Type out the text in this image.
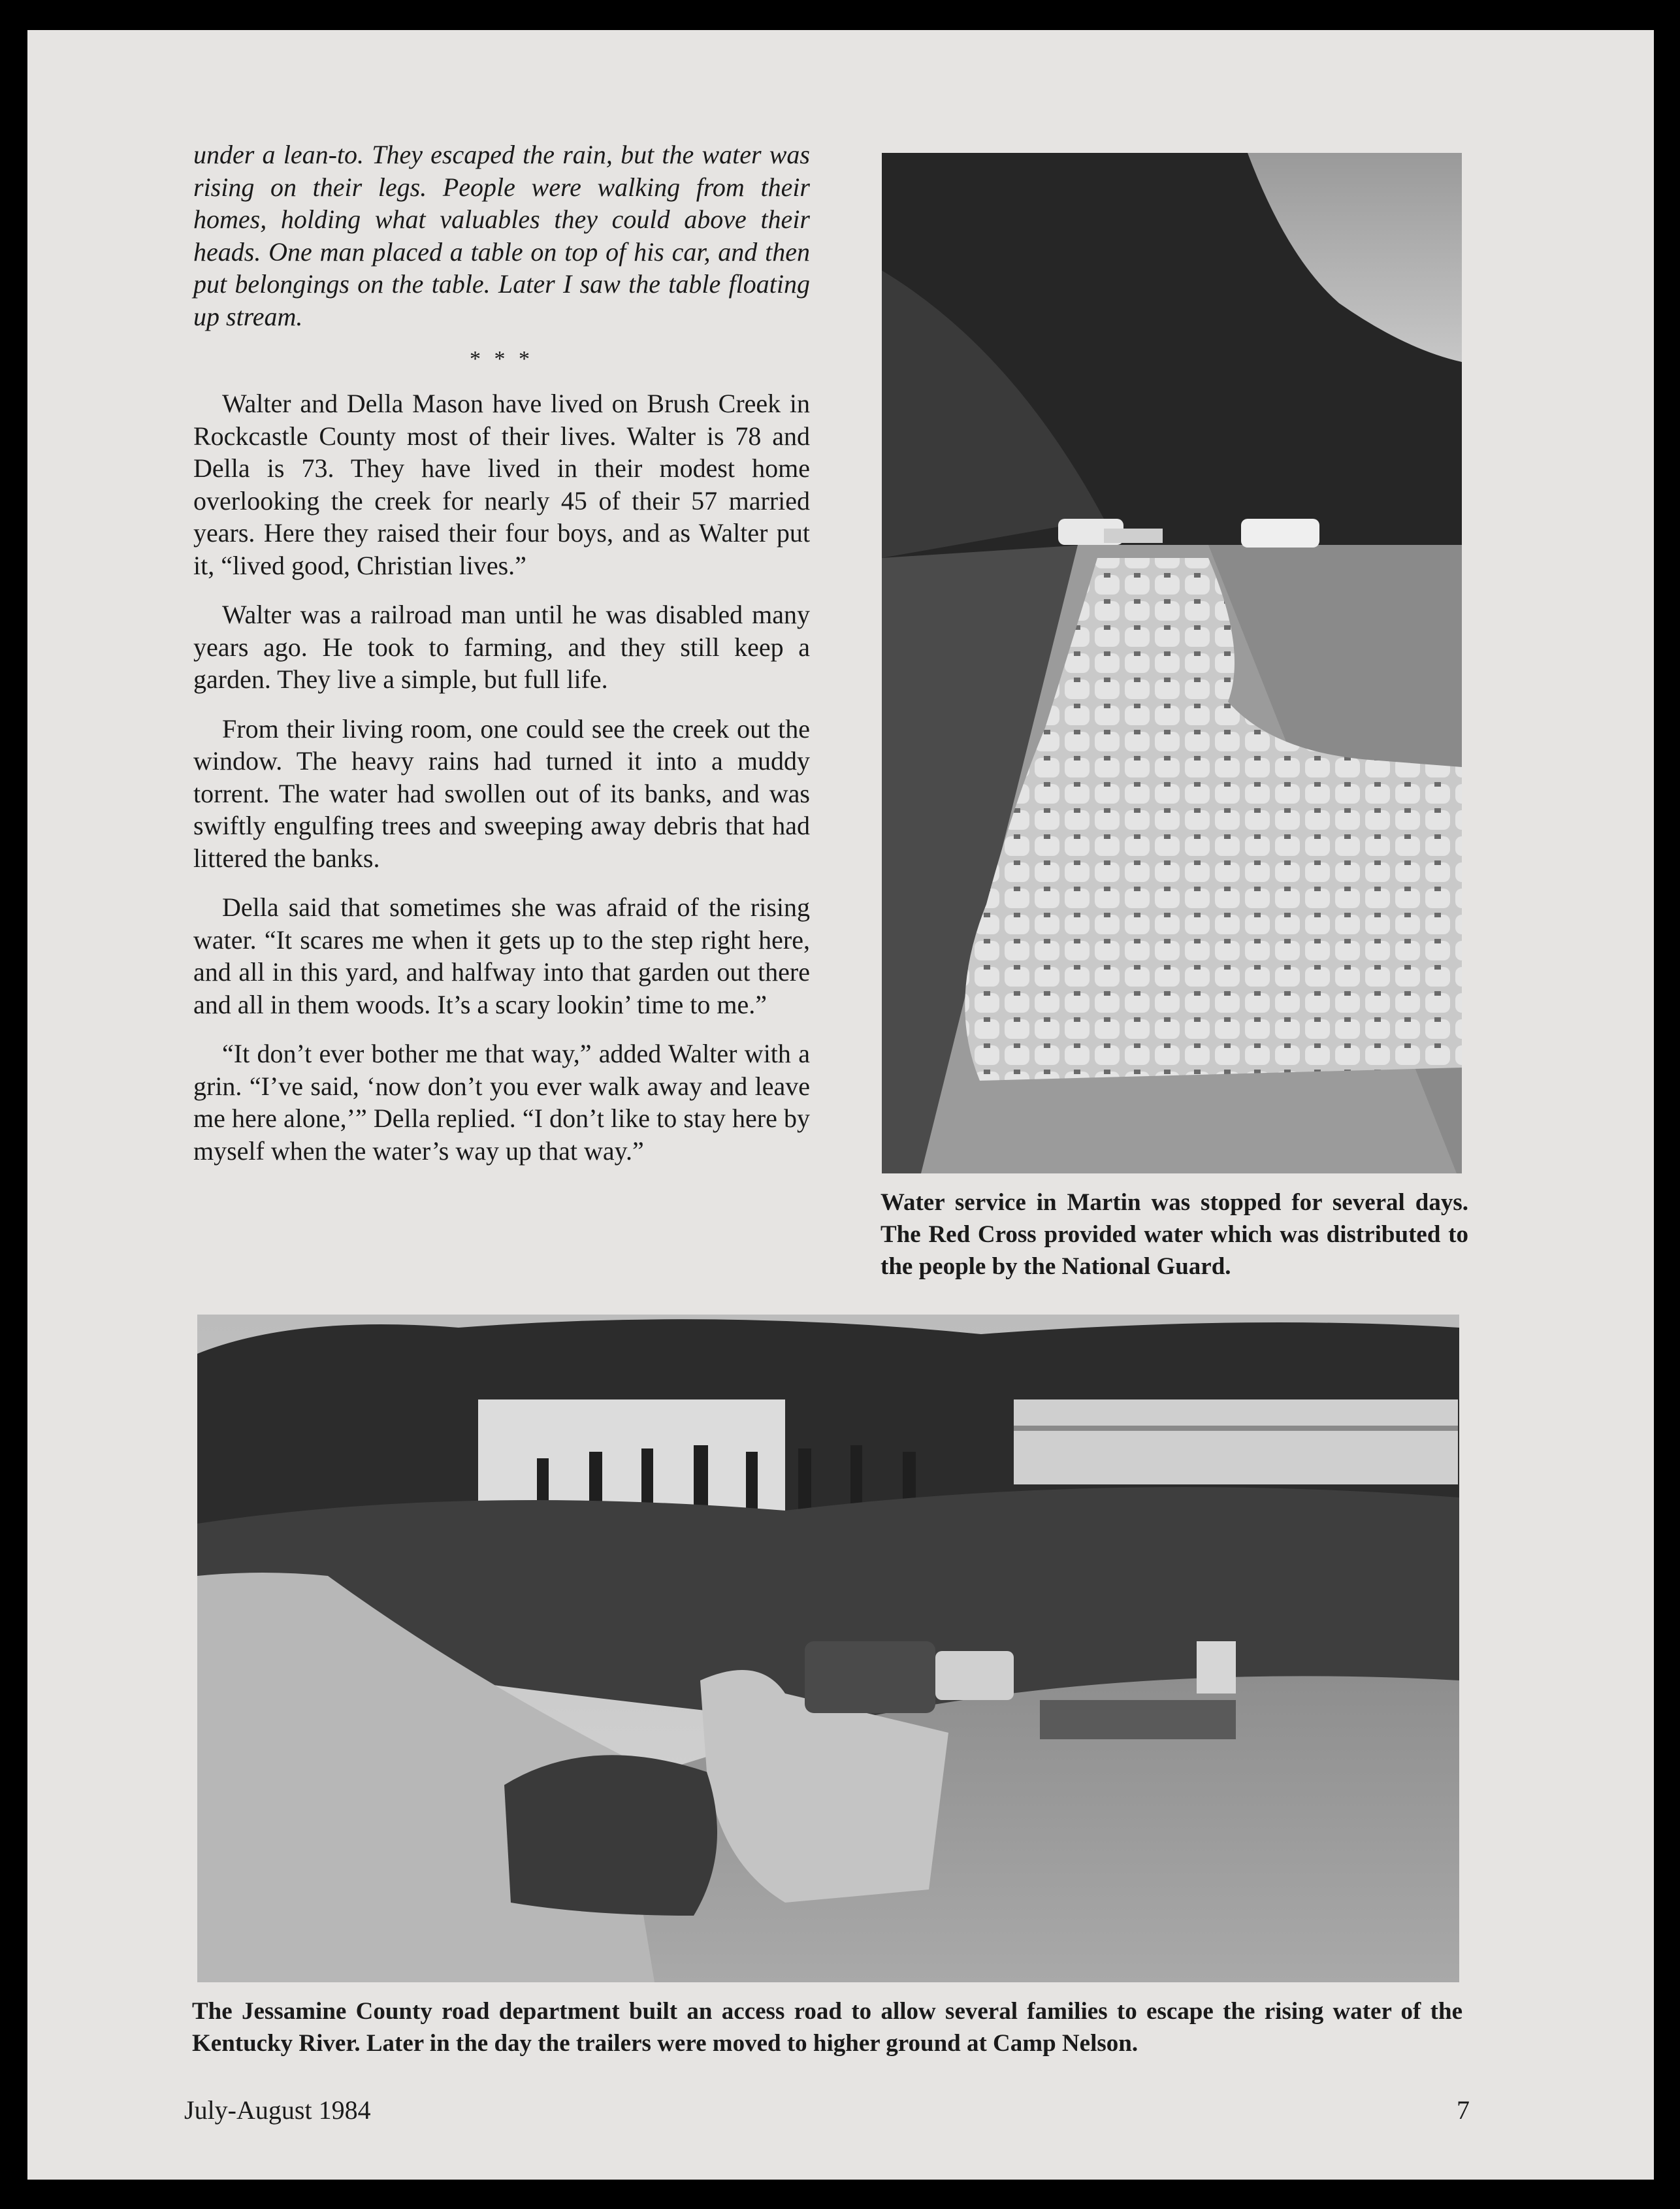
under a lean-to. They escaped the rain, but the water was rising on their legs. People were walking from their homes, holding what valuables they could above their heads. One man placed a table on top of his car, and then put belongings on the table. Later I saw the table floating up stream.

* * *

Walter and Della Mason have lived on Brush Creek in Rockcastle County most of their lives. Walter is 78 and Della is 73. They have lived in their modest home overlooking the creek for nearly 45 of their 57 married years. Here they raised their four boys, and as Walter put it, “lived good, Christian lives.”

Walter was a railroad man until he was disabled many years ago. He took to farming, and they still keep a garden. They live a simple, but full life.

From their living room, one could see the creek out the window. The heavy rains had turned it into a muddy torrent. The water had swollen out of its banks, and was swiftly engulfing trees and sweeping away debris that had littered the banks.

Della said that sometimes she was afraid of the rising water. “It scares me when it gets up to the step right here, and all in this yard, and halfway into that garden out there and all in them woods. It’s a scary lookin’ time to me.”

“It don’t ever bother me that way,” added Walter with a grin. “I’ve said, ‘now don’t you ever walk away and leave me here alone,’” Della replied. “I don’t like to stay here by myself when the water’s way up that way.”

Water service in Martin was stopped for several days. The Red Cross provided water which was distributed to the people by the National Guard.
The Jessamine County road department built an access road to allow several families to escape the rising water of the Kentucky River. Later in the day the trailers were moved to higher ground at Camp Nelson.
July-August 1984	7
